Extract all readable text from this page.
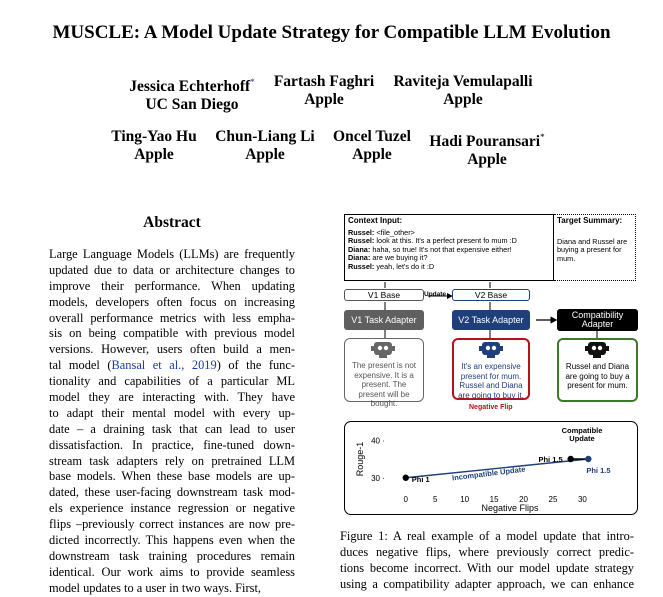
MUSCLE: A Model Update Strategy for Compatible LLM Evolution
Jessica Echterhoff*
UC San Diego
Fartash Faghri
Apple
Raviteja Vemulapalli
Apple
Ting-Yao Hu
Apple
Chun-Liang Li
Apple
Oncel Tuzel
Apple
Hadi Pouransari*
Apple
Abstract
Large Language Models (LLMs) are frequently
updated due to data or architecture changes to
improve their performance. When updating
models, developers often focus on increasing
overall performance metrics with less empha-
sis on being compatible with previous model
versions. However, users often build a men-
tal model (Bansal et al., 2019) of the func-
tionality and capabilities of a particular ML
model they are interacting with. They have
to adapt their mental model with every up-
date – a draining task that can lead to user
dissatisfaction. In practice, fine-tuned down-
stream task adapters rely on pretrained LLM
base models. When these base models are up-
dated, these user-facing downstream task mod-
els experience instance regression or negative
flips –previously correct instances are now pre-
dicted incorrectly. This happens even when the
downstream task training procedures remain
identical. Our work aims to provide seamless
model updates to a user in two ways. First,
Context Input:
Russel: <file_other>
Russel: look at this. It's a perfect present fo mum :D
Diana: haha, so true! It's not that expensive either!
Diana: are we buying it?
Russel: yeah, let's do it :D
Target Summary:
Diana and Russel are buying a present for mum.
Update
V1 Base	V2 Base
V1 Task Adapter	V2 Task Adapter
Compatibility Adapter
The present is not expensive. It is a present. The present will be bought.
It's an expensive present for mum. Russel and Diana are going to buy it.
Russel and Diana are going to buy a present for mum.
Negative Flip
0	5	10	15	20	25	30
30 ·
40 ·
Negative Flips
Rouge-1
Phi 1
Phi 1.5
Phi 1.5
Compatible
Update
Incompatible Update
Figure 1: A real example of a model update that intro-
duces negative flips, where previously correct predic-
tions become incorrect. With our model update strategy
using a compatibility adapter approach, we can enhance
